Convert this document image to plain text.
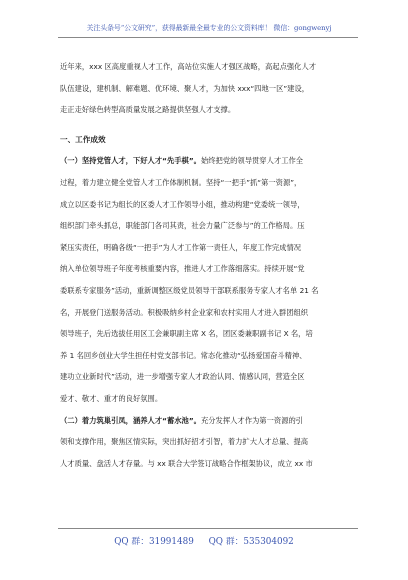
关注头条号“公文研究”，获得最新最全最专业的公文资料库！ 微信：gongwenyj
近年来，xxx 区高度重视人才工作，高站位实施人才强区战略，高起点强化人才
队伍建设，建机制、解难题、优环境、聚人才，为加快 xxx“四地一区”建设，
走正走好绿色转型高质量发展之路提供坚强人才支撑。
一、工作成效
（一）坚持党管人才，下好人才“先手棋”。始终把党的领导贯穿人才工作全
过程，着力建立健全党管人才工作体制机制。坚持“一把手”抓“第一资源”，
成立以区委书记为组长的区委人才工作领导小组，推动构建“党委统一领导，
组织部门牵头抓总，职能部门各司其责，社会力量广泛参与”的工作格局。压
紧压实责任，明确各级“一把手”为人才工作第一责任人，年度工作完成情况
纳入单位领导班子年度考核重要内容，推进人才工作落细落实。持续开展“党
委联系专家服务”活动，重新调整区级党员领导干部联系服务专家人才名单 21 名
名，开展登门送服务活动。积极吸纳乡村企业家和农村实用人才进入群团组织
领导班子，先后选拔任用区工会兼职副主席 X 名，团区委兼职副书记 X 名，培
养 1 名回乡创业大学生担任村党支部书记。常态化推动“弘扬爱国奋斗精神、
建功立业新时代”活动，进一步增强专家人才政治认同、情感认同，营造全区
爱才、敬才、重才的良好氛围。
（二）着力筑巢引凤，涵养人才“蓄水池”。充分发挥人才作为第一资源的引
领和支撑作用，聚焦区情实际，突出抓好招才引智，着力扩大人才总量、提高
人才质量、盘活人才存量。与 xx 联合大学签订战略合作框架协议，成立 xx 市
QQ 群：31991489 QQ 群：535304092
